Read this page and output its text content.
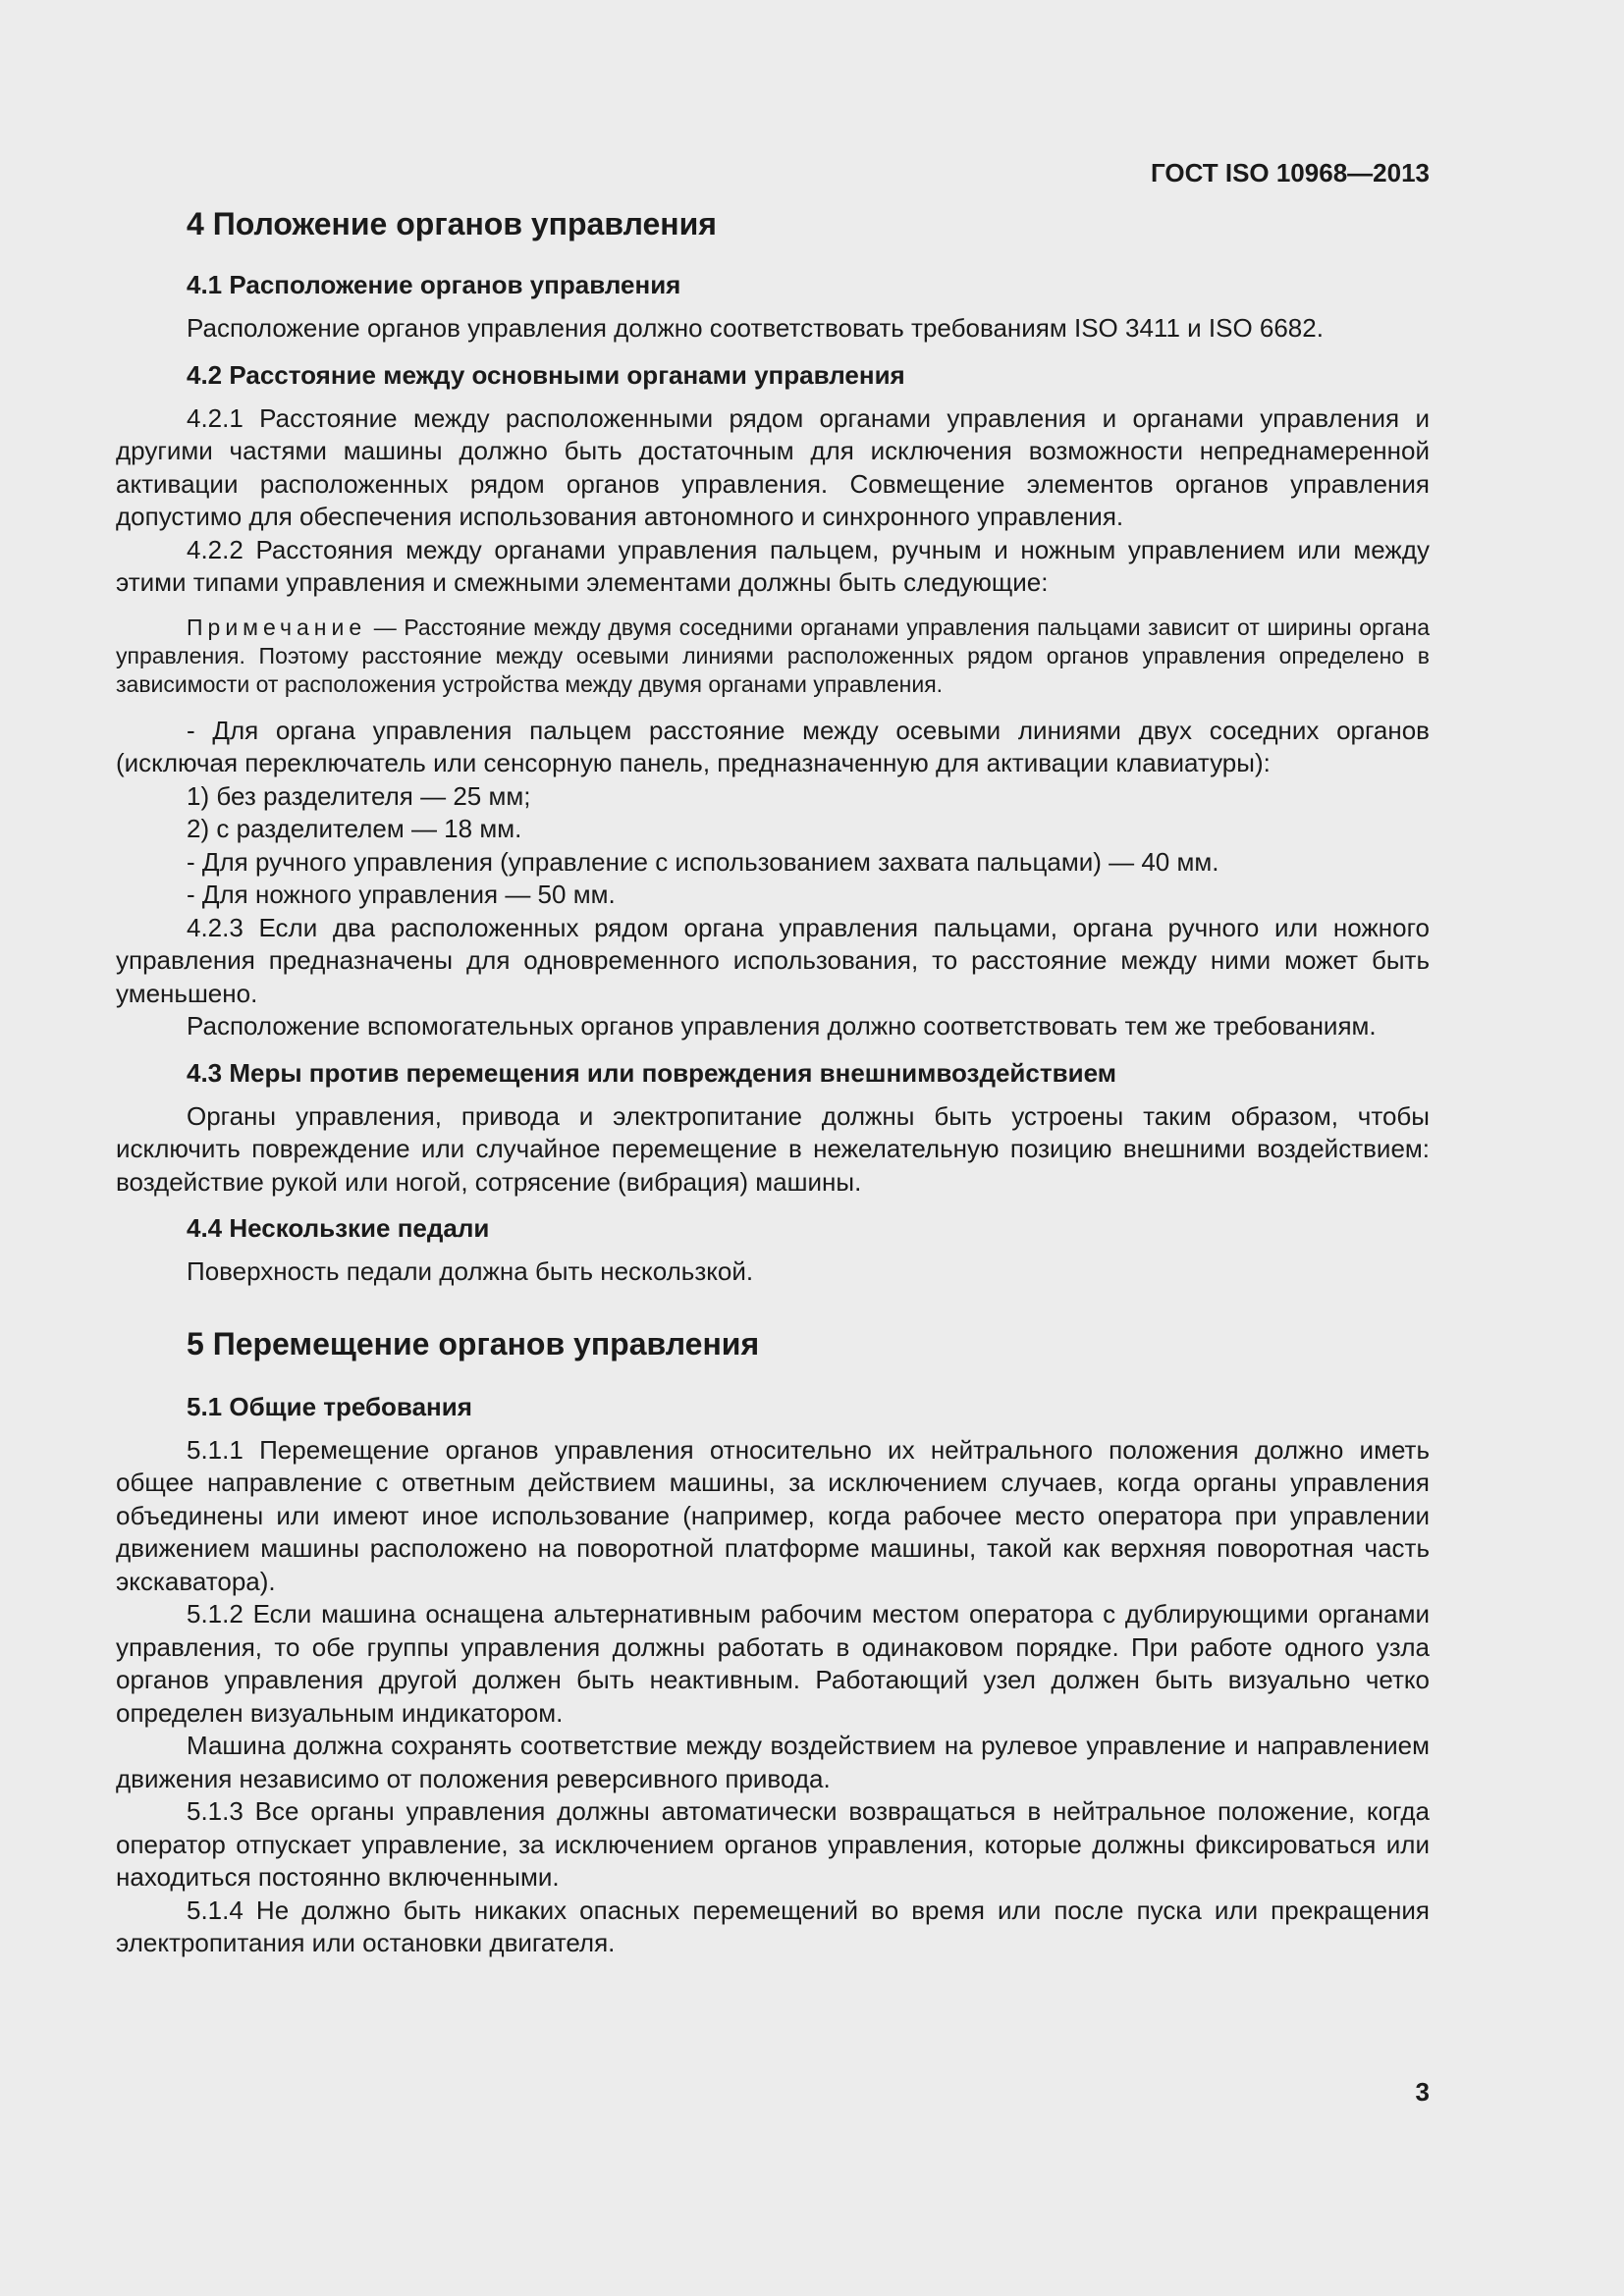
ГОСТ ISO 10968—2013
4 Положение органов управления
4.1 Расположение органов управления

Расположение органов управления должно соответствовать требованиям ISO 3411 и ISO 6682.

4.2 Расстояние между основными органами управления

4.2.1 Расстояние между расположенными рядом органами управления и органами управления и другими частями машины должно быть достаточным для исключения возможности непреднамеренной активации расположенных рядом органов управления. Совмещение элементов органов управления допустимо для обеспечения использования автономного и синхронного управления.

4.2.2 Расстояния между органами управления пальцем, ручным и ножным управлением или между этими типами управления и смежными элементами должны быть следующие:

Примечание — Расстояние между двумя соседними органами управления пальцами зависит от ширины органа управления. Поэтому расстояние между осевыми линиями расположенных рядом органов управления определено в зависимости от расположения устройства между двумя органами управления.

- Для органа управления пальцем расстояние между осевыми линиями двух соседних органов (исключая переключатель или сенсорную панель, предназначенную для активации клавиатуры):

1) без разделителя — 25 мм;

2) с разделителем — 18 мм.

- Для ручного управления (управление с использованием захвата пальцами) — 40 мм.

- Для ножного управления — 50 мм.

4.2.3 Если два расположенных рядом органа управления пальцами, органа ручного или ножного управления предназначены для одновременного использования, то расстояние между ними может быть уменьшено.

Расположение вспомогательных органов управления должно соответствовать тем же требованиям.

4.3 Меры против перемещения или повреждения внешнимвоздействием

Органы управления, привода и электропитание должны быть устроены таким образом, чтобы исключить повреждение или случайное перемещение в нежелательную позицию внешними воздействием: воздействие рукой или ногой, сотрясение (вибрация) машины.

4.4 Нескользкие педали

Поверхность педали должна быть нескользкой.

5 Перемещение органов управления
5.1 Общие требования

5.1.1 Перемещение органов управления относительно их нейтрального положения должно иметь общее направление с ответным действием машины, за исключением случаев, когда органы управления объединены или имеют иное использование (например, когда рабочее место оператора при управлении движением машины расположено на поворотной платформе машины, такой как верхняя поворотная часть экскаватора).

5.1.2 Если машина оснащена альтернативным рабочим местом оператора с дублирующими органами управления, то обе группы управления должны работать в одинаковом порядке. При работе одного узла органов управления другой должен быть неактивным. Работающий узел должен быть визуально четко определен визуальным индикатором.

Машина должна сохранять соответствие между воздействием на рулевое управление и направлением движения независимо от положения реверсивного привода.

5.1.3 Все органы управления должны автоматически возвращаться в нейтральное положение, когда оператор отпускает управление, за исключением органов управления, которые должны фиксироваться или находиться постоянно включенными.

5.1.4 Не должно быть никаких опасных перемещений во время или после пуска или прекращения электропитания или остановки двигателя.

3
